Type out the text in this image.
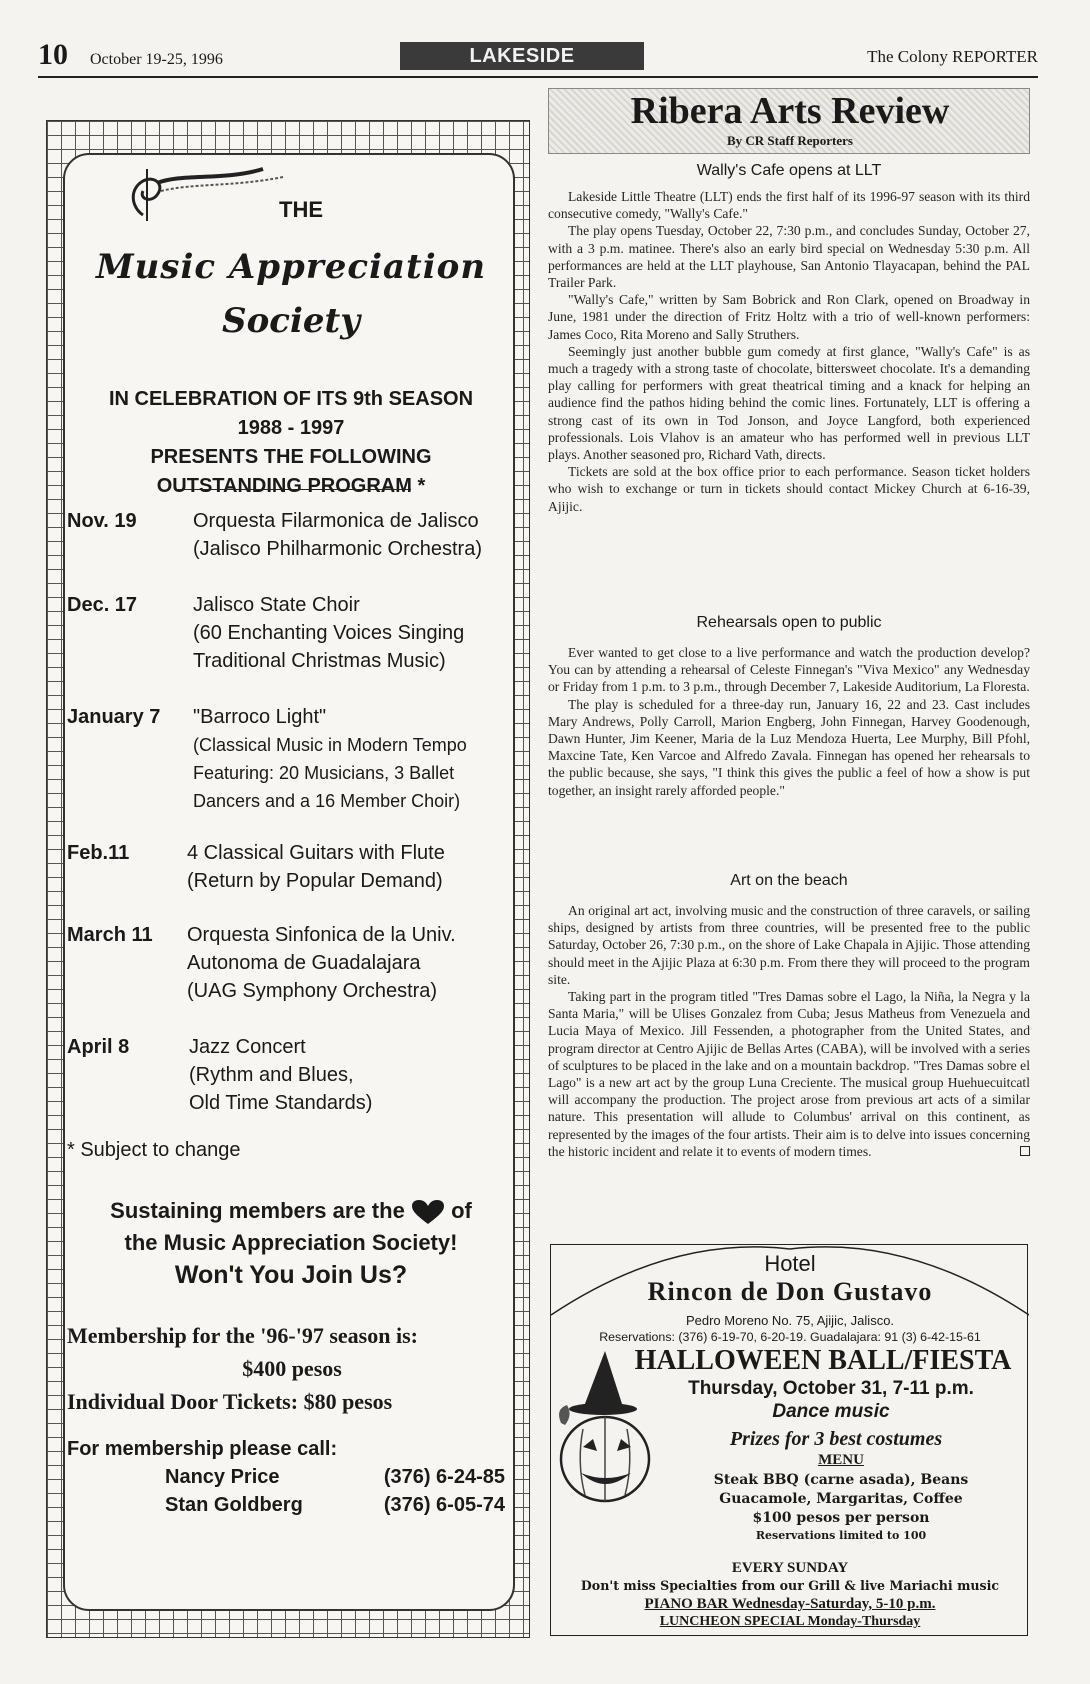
10 October 19-25, 1996	LAKESIDE	The Colony REPORTER
THE
Music Appreciation
Society
IN CELEBRATION OF ITS 9th SEASON
1988 - 1997
PRESENTS THE FOLLOWING
OUTSTANDING PROGRAM *
Nov. 19	Orquesta Filarmonica de Jalisco
(Jalisco Philharmonic Orchestra)
Dec. 17	Jalisco State Choir
(60 Enchanting Voices Singing
Traditional Christmas Music)
January 7 "Barroco Light"
(Classical Music in Modern Tempo
Featuring: 20 Musicians, 3 Ballet
Dancers and a 16 Member Choir)
Feb.11	4 Classical Guitars with Flute
(Return by Popular Demand)
March 11 Orquesta Sinfonica de la Univ.
Autonoma de Guadalajara
(UAG Symphony Orchestra)
April 8	Jazz Concert
(Rythm and Blues,
Old Time Standards)
* Subject to change
Sustaining members are the of
the Music Appreciation Society!
Won't You Join Us?
Membership for the '96-'97 season is:
$400 pesos
Individual Door Tickets: $80 pesos
For membership please call:
Nancy Price	(376) 6-24-85
Stan Goldberg	(376) 6-05-74
Ribera Arts Review
By CR Staff Reporters
Wally's Cafe opens at LLT

Lakeside Little Theatre (LLT) ends the first half of its 1996-97 season with its third consecutive comedy, "Wally's Cafe."

The play opens Tuesday, October 22, 7:30 p.m., and concludes Sunday, October 27, with a 3 p.m. matinee. There's also an early bird special on Wednesday 5:30 p.m. All performances are held at the LLT playhouse, San Antonio Tlayacapan, behind the PAL Trailer Park.

"Wally's Cafe," written by Sam Bobrick and Ron Clark, opened on Broadway in June, 1981 under the direction of Fritz Holtz with a trio of well-known performers: James Coco, Rita Moreno and Sally Struthers.

Seemingly just another bubble gum comedy at first glance, "Wally's Cafe" is as much a tragedy with a strong taste of chocolate, bittersweet chocolate. It's a demanding play calling for performers with great theatrical timing and a knack for helping an audience find the pathos hiding behind the comic lines. Fortunately, LLT is offering a strong cast of its own in Tod Jonson, and Joyce Langford, both experienced professionals. Lois Vlahov is an amateur who has performed well in previous LLT plays. Another seasoned pro, Richard Vath, directs.

Tickets are sold at the box office prior to each performance. Season ticket holders who wish to exchange or turn in tickets should contact Mickey Church at 6-16-39, Ajijic.

Rehearsals open to public

Ever wanted to get close to a live performance and watch the production develop? You can by attending a rehearsal of Celeste Finnegan's "Viva Mexico" any Wednesday or Friday from 1 p.m. to 3 p.m., through December 7, Lakeside Auditorium, La Floresta.

The play is scheduled for a three-day run, January 16, 22 and 23. Cast includes Mary Andrews, Polly Carroll, Marion Engberg, John Finnegan, Harvey Goodenough, Dawn Hunter, Jim Keener, Maria de la Luz Mendoza Huerta, Lee Murphy, Bill Pfohl, Maxcine Tate, Ken Varcoe and Alfredo Zavala. Finnegan has opened her rehearsals to the public because, she says, "I think this gives the public a feel of how a show is put together, an insight rarely afforded people."

Art on the beach

An original art act, involving music and the construction of three caravels, or sailing ships, designed by artists from three countries, will be presented free to the public Saturday, October 26, 7:30 p.m., on the shore of Lake Chapala in Ajijic. Those attending should meet in the Ajijic Plaza at 6:30 p.m. From there they will proceed to the program site.

Taking part in the program titled "Tres Damas sobre el Lago, la Niña, la Negra y la Santa Maria," will be Ulises Gonzalez from Cuba; Jesus Matheus from Venezuela and Lucia Maya of Mexico. Jill Fessenden, a photographer from the United States, and program director at Centro Ajijic de Bellas Artes (CABA), will be involved with a series of sculptures to be placed in the lake and on a mountain backdrop. "Tres Damas sobre el Lago" is a new art act by the group Luna Creciente. The musical group Huehuecuitcatl will accompany the production. The project arose from previous art acts of a similar nature. This presentation will allude to Columbus' arrival on this continent, as represented by the images of the four artists. Their aim is to delve into issues concerning the historic incident and relate it to events of modern times.

Hotel
Rincon de Don Gustavo
Pedro Moreno No. 75, Ajijic, Jalisco.
Reservations: (376) 6-19-70, 6-20-19. Guadalajara: 91 (3) 6-42-15-61
HALLOWEEN BALL/FIESTA
Thursday, October 31, 7-11 p.m.
Dance music
Prizes for 3 best costumes
MENU
Steak BBQ (carne asada), Beans
Guacamole, Margaritas, Coffee
$100 pesos per person
Reservations limited to 100
EVERY SUNDAY
Don't miss Specialties from our Grill & live Mariachi music
PIANO BAR Wednesday-Saturday, 5-10 p.m.
LUNCHEON SPECIAL Monday-Thursday
